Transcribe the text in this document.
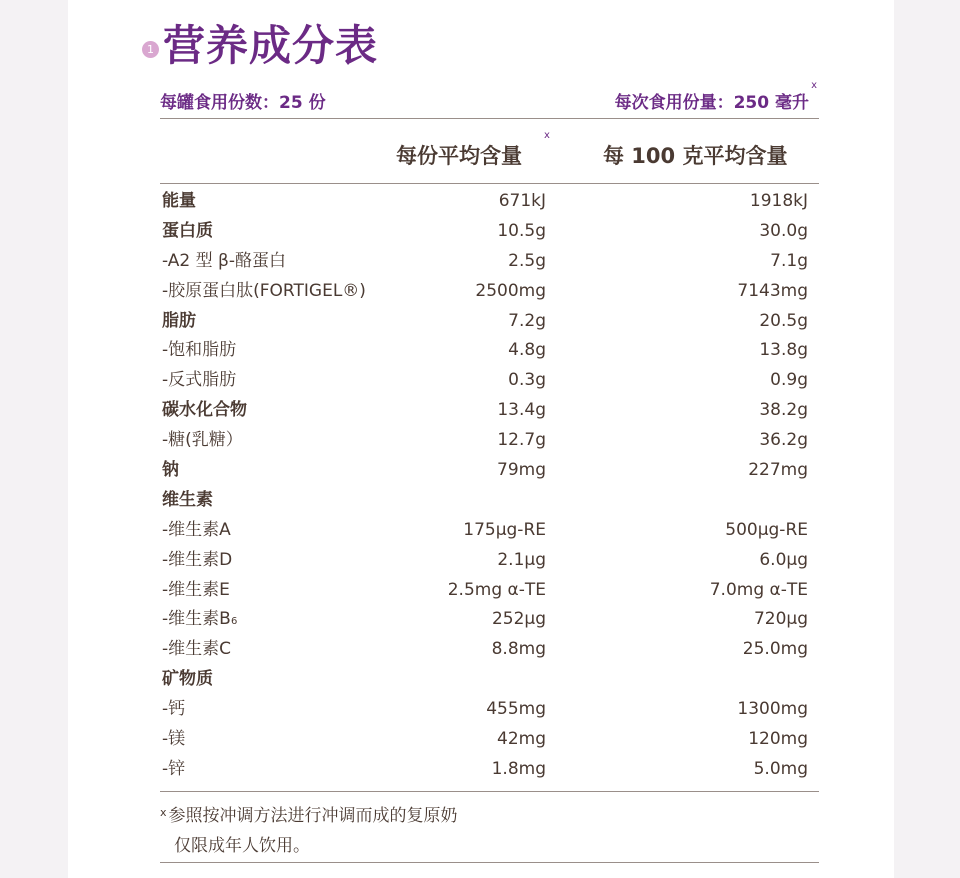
1 营养成分表
每罐食用份数：25 份	每次食用份量：250 毫升
x
每份平均含量
x
每 100 克平均含量
能量	671kJ	1918kJ
蛋白质	10.5g	30.0g
-A2 型 β-酪蛋白	2.5g	7.1g
-胶原蛋白肽(FORTIGEL®)	2500mg	7143mg
脂肪	7.2g	20.5g
-饱和脂肪	4.8g	13.8g
-反式脂肪	0.3g	0.9g
碳水化合物	13.4g	38.2g
-糖(乳糖）	12.7g	36.2g
钠	79mg	227mg
维生素
-维生素A	175μg-RE	500μg-RE
-维生素D	2.1μg	6.0μg
-维生素E	2.5mg α-TE	7.0mg α-TE
-维生素B 6	252μg	720μg
-维生素C	8.8mg	25.0mg
矿物质
-钙	455mg	1300mg
-镁	42mg	120mg
-锌	1.8mg	5.0mg
$^x$ 参照按冲调方法进行冲调而成的复原奶
仅限成年人饮用。
